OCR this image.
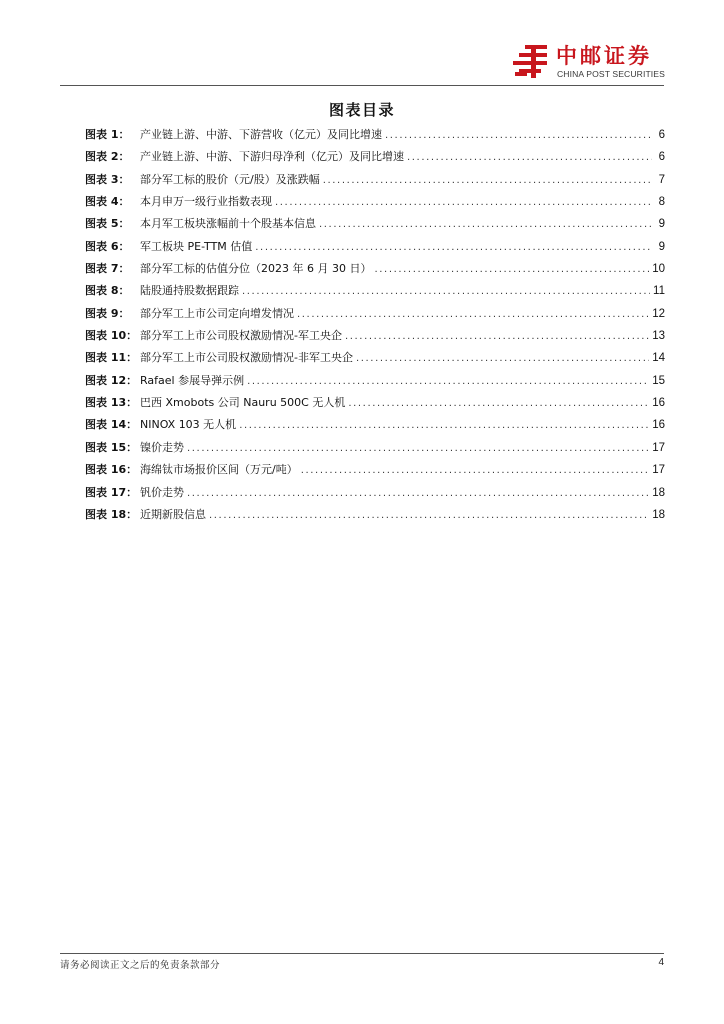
中邮证券
CHINA POST SECURITIES
图表目录
图表 1： 产业链上游、中游、下游营收（亿元）及同比增速 .....	6
图表 2： 产业链上游、中游、下游归母净利（亿元）及同比增速 .....	6
图表 3： 部分军工标的股价（元/股）及涨跌幅 .....	7
图表 4： 本月申万一级行业指数表现 .....	8
图表 5： 本月军工板块涨幅前十个股基本信息 .....	9
图表 6： 军工板块 PE-TTM 估值 .....	9
图表 7： 部分军工标的估值分位（2023 年 6 月 30 日） .....	10
图表 8： 陆股通持股数据跟踪 .....	11
图表 9： 部分军工上市公司定向增发情况 .....	12
图表 10： 部分军工上市公司股权激励情况-军工央企 .....	13
图表 11： 部分军工上市公司股权激励情况-非军工央企 .....	14
图表 12： Rafael 参展导弹示例 .....	15
图表 13： 巴西 Xmobots 公司 Nauru 500C 无人机 .....	16
图表 14： NINOX 103 无人机 .....	16
图表 15： 镍价走势 .....	17
图表 16： 海绵钛市场报价区间（万元/吨） .....	17
图表 17： 钒价走势 .....	18
图表 18： 近期新股信息 .....	18
请务必阅读正文之后的免责条款部分	4
